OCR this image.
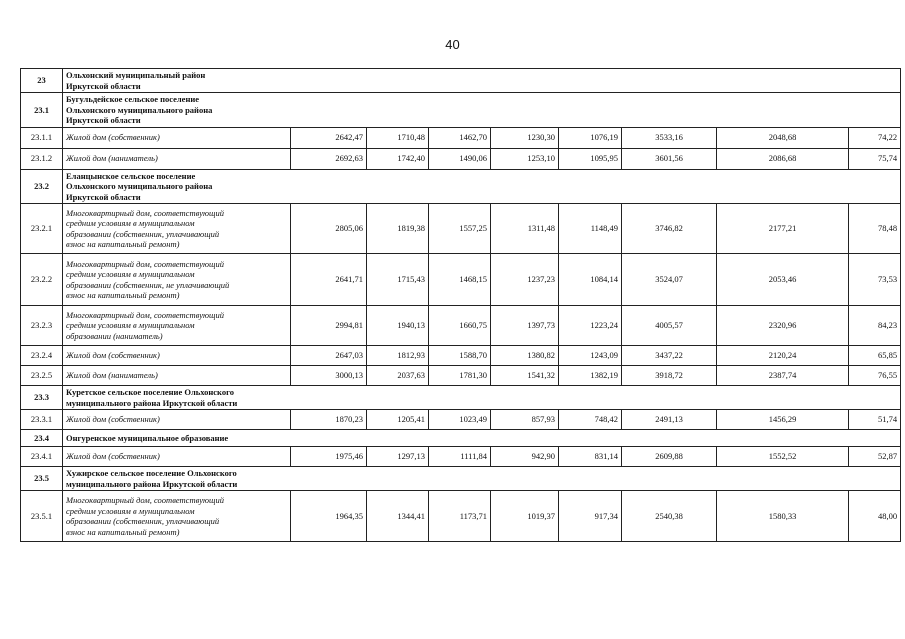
40
23	Ольхонский муниципальный район
Иркутской области								
23.1	Бугульдейское сельское поселение
Ольхонского муниципального района
Иркутской области								
23.1.1	Жилой дом (собственник)	2642,47	1710,48	1462,70	1230,30	1076,19	3533,16	2048,68	74,22
23.1.2	Жилой дом (наниматель)	2692,63	1742,40	1490,06	1253,10	1095,95	3601,56	2086,68	75,74
23.2	Еланцынское сельское поселение
Ольхонского муниципального района
Иркутской области								
23.2.1	Многоквартирный дом, соответствующий
средним условиям в муниципальном
образовании (собственник, уплачивающий
взнос на капитальный ремонт)	2805,06	1819,38	1557,25	1311,48	1148,49	3746,82	2177,21	78,48
23.2.2	Многоквартирный дом, соответствующий
средним условиям в муниципальном
образовании (собственник, не уплачивающий
взнос на капитальный ремонт)	2641,71	1715,43	1468,15	1237,23	1084,14	3524,07	2053,46	73,53
23.2.3	Многоквартирный дом, соответствующий
средним условиям в муниципальном
образовании (наниматель)	2994,81	1940,13	1660,75	1397,73	1223,24	4005,57	2320,96	84,23
23.2.4	Жилой дом (собственник)	2647,03	1812,93	1588,70	1380,82	1243,09	3437,22	2120,24	65,85
23.2.5	Жилой дом (наниматель)	3000,13	2037,63	1781,30	1541,32	1382,19	3918,72	2387,74	76,55
23.3	Куретское сельское поселение Ольхонского
муниципального района Иркутской области								
23.3.1	Жилой дом (собственник)	1870,23	1205,41	1023,49	857,93	748,42	2491,13	1456,29	51,74
23.4	Онгуренское муниципальное образование								
23.4.1	Жилой дом (собственник)	1975,46	1297,13	1111,84	942,90	831,14	2609,88	1552,52	52,87
23.5	Хужирское сельское поселение Ольхонского
муниципального района Иркутской области								
23.5.1	Многоквартирный дом, соответствующий
средним условиям в муниципальном
образовании (собственник, уплачивающий
взнос на капитальный ремонт)	1964,35	1344,41	1173,71	1019,37	917,34	2540,38	1580,33	48,00
